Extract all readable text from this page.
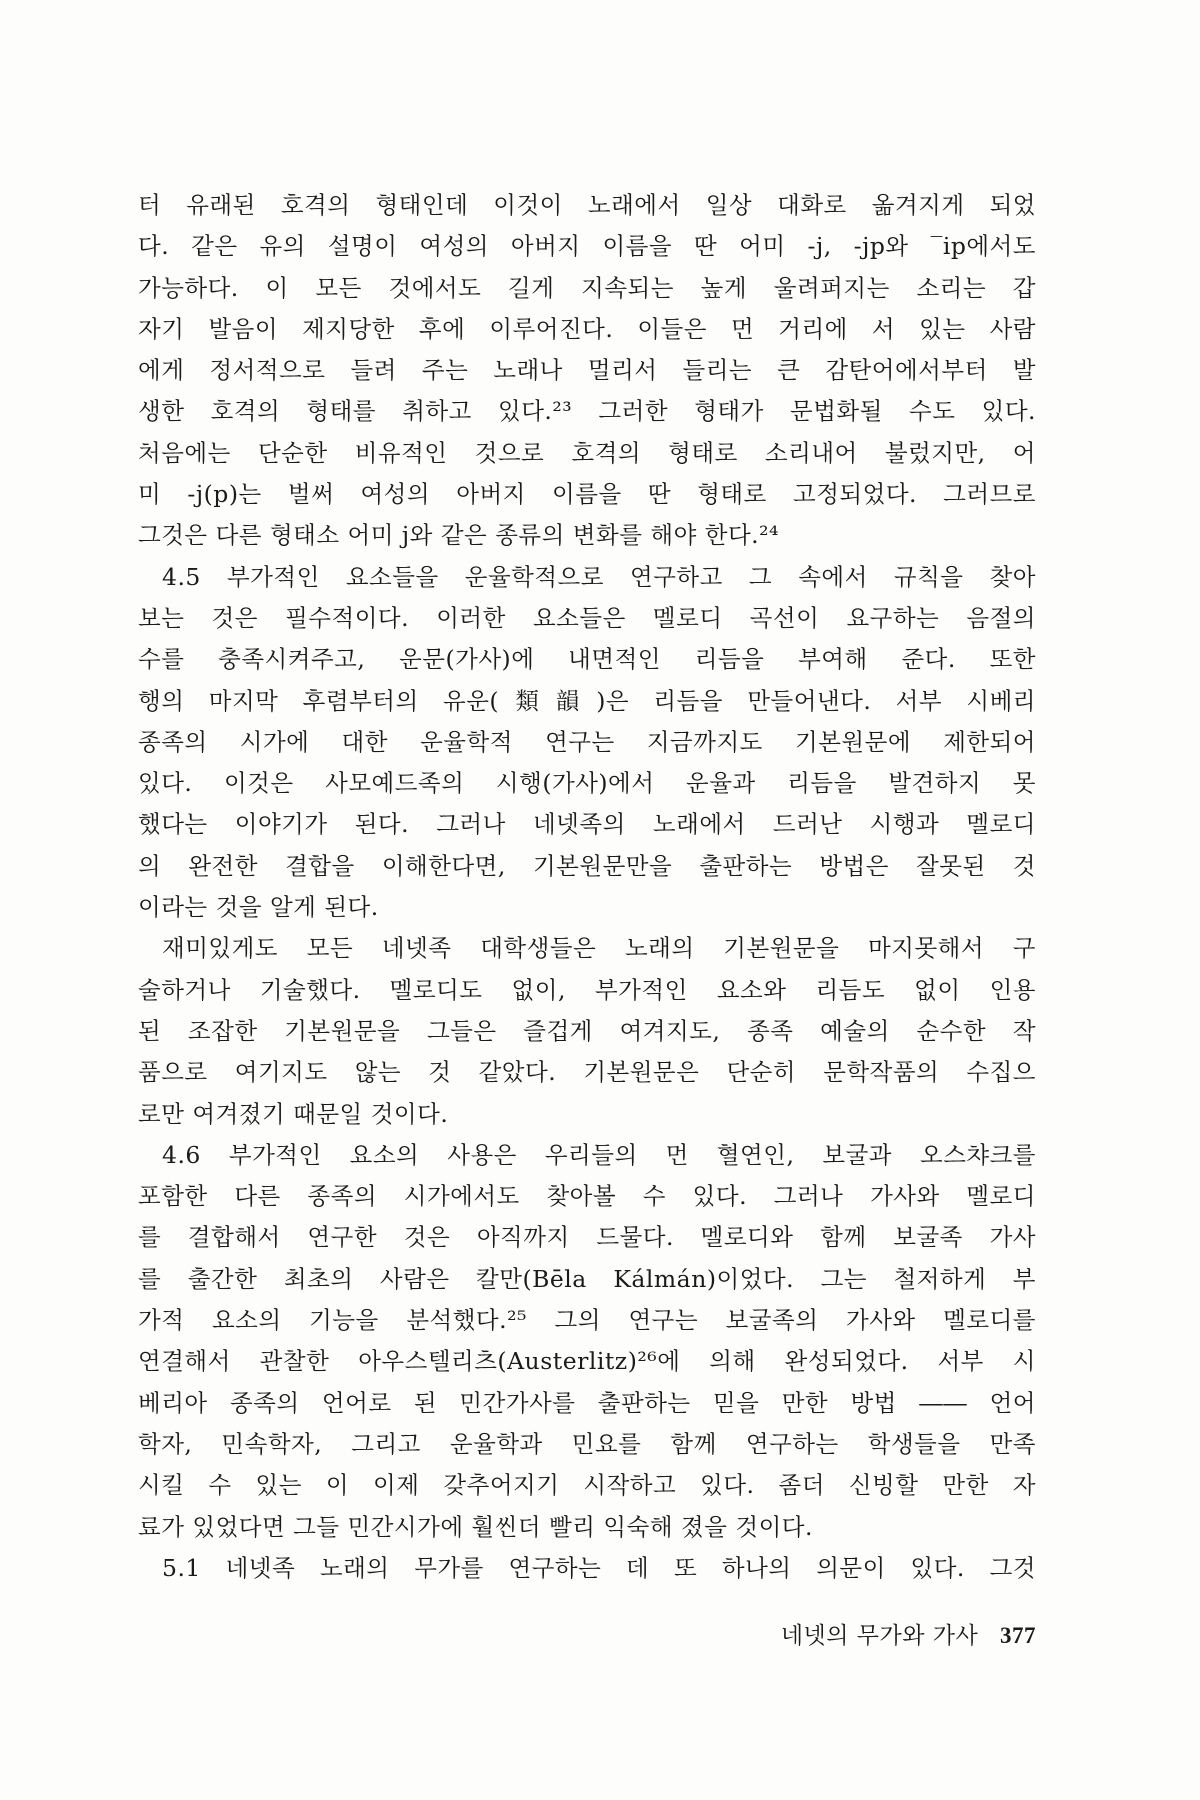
터 유래된 호격의 형태인데 이것이 노래에서 일상 대화로 옮겨지게 되었
다. 같은 유의 설명이 여성의 아버지 이름을 딴 어미 -j, -jp와 ‾ip에서도
가능하다. 이 모든 것에서도 길게 지속되는 높게 울려퍼지는 소리는 갑
자기 발음이 제지당한 후에 이루어진다. 이들은 먼 거리에 서 있는 사람
에게 정서적으로 들려 주는 노래나 멀리서 들리는 큰 감탄어에서부터 발
생한 호격의 형태를 취하고 있다.²³ 그러한 형태가 문법화될 수도 있다.
처음에는 단순한 비유적인 것으로 호격의 형태로 소리내어 불렀지만, 어
미 -j(p)는 벌써 여성의 아버지 이름을 딴 형태로 고정되었다. 그러므로
그것은 다른 형태소 어미 j와 같은 종류의 변화를 해야 한다.²⁴
4.5 부가적인 요소들을 운율학적으로 연구하고 그 속에서 규칙을 찾아
보는 것은 필수적이다. 이러한 요소들은 멜로디 곡선이 요구하는 음절의
수를 충족시켜주고, 운문(가사)에 내면적인 리듬을 부여해 준다. 또한
행의 마지막 후렴부터의 유운(類韻)은 리듬을 만들어낸다. 서부 시베리
종족의 시가에 대한 운율학적 연구는 지금까지도 기본원문에 제한되어
있다. 이것은 사모예드족의 시행(가사)에서 운율과 리듬을 발견하지 못
했다는 이야기가 된다. 그러나 네넷족의 노래에서 드러난 시행과 멜로디
의 완전한 결합을 이해한다면, 기본원문만을 출판하는 방법은 잘못된 것
이라는 것을 알게 된다.
재미있게도 모든 네넷족 대학생들은 노래의 기본원문을 마지못해서 구
술하거나 기술했다. 멜로디도 없이, 부가적인 요소와 리듬도 없이 인용
된 조잡한 기본원문을 그들은 즐겁게 여겨지도, 종족 예술의 순수한 작
품으로 여기지도 않는 것 같았다. 기본원문은 단순히 문학작품의 수집으
로만 여겨졌기 때문일 것이다.
4.6 부가적인 요소의 사용은 우리들의 먼 혈연인, 보굴과 오스챠크를
포함한 다른 종족의 시가에서도 찾아볼 수 있다. 그러나 가사와 멜로디
를 결합해서 연구한 것은 아직까지 드물다. 멜로디와 함께 보굴족 가사
를 출간한 최초의 사람은 칼만(Bēla Kálmán)이었다. 그는 철저하게 부
가적 요소의 기능을 분석했다.²⁵ 그의 연구는 보굴족의 가사와 멜로디를
연결해서 관찰한 아우스텔리츠(Austerlitz)²⁶에 의해 완성되었다. 서부 시
베리아 종족의 언어로 된 민간가사를 출판하는 믿을 만한 방법 ―― 언어
학자, 민속학자, 그리고 운율학과 민요를 함께 연구하는 학생들을 만족
시킬 수 있는 이 이제 갖추어지기 시작하고 있다. 좀더 신빙할 만한 자
료가 있었다면 그들 민간시가에 훨씬더 빨리 익숙해 졌을 것이다.
5.1 네넷족 노래의 무가를 연구하는 데 또 하나의 의문이 있다. 그것
네넷의 무가와 가사 377
